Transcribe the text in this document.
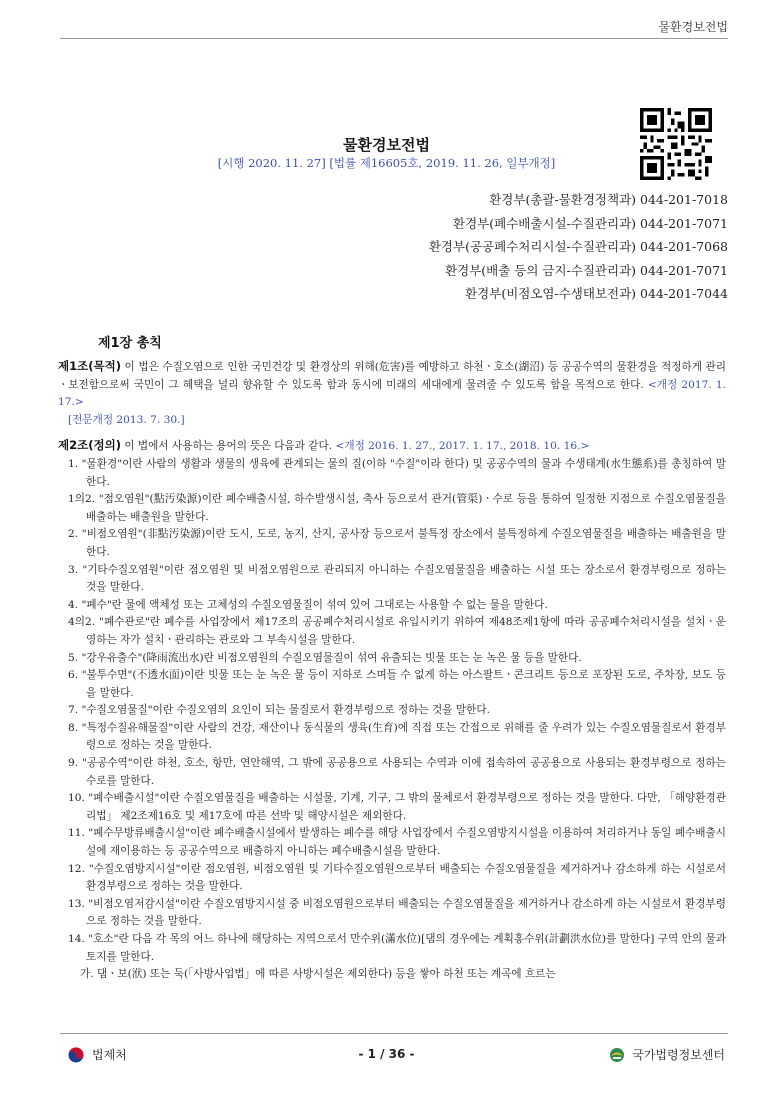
물환경보전법
물환경보전법
[시행 2020. 11. 27] [법률 제16605호, 2019. 11. 26, 일부개정]
환경부(총괄-물환경정책과) 044-201-7018
환경부(폐수배출시설-수질관리과) 044-201-7071
환경부(공공폐수처리시설-수질관리과) 044-201-7068
환경부(배출 등의 금지-수질관리과) 044-201-7071
환경부(비점오염-수생태보전과) 044-201-7044
제1장 총칙

제1조(목적) 이 법은 수질오염으로 인한 국민건강 및 환경상의 위해(危害)를 예방하고 하천ㆍ호소(湖沼) 등 공공수역의 물환경을 적정하게 관리ㆍ보전함으로써 국민이 그 혜택을 널리 향유할 수 있도록 함과 동시에 미래의 세대에게 물려줄 수 있도록 함을 목적으로 한다. <개정 2017. 1. 17.>

[전문개정 2013. 7. 30.]

제2조(정의) 이 법에서 사용하는 용어의 뜻은 다음과 같다. <개정 2016. 1. 27., 2017. 1. 17., 2018. 10. 16.>

1. "물환경"이란 사람의 생활과 생물의 생육에 관계되는 물의 질(이하 "수질"이라 한다) 및 공공수역의 물과 수생태계(水生態系)를 총칭하여 말한다.

1의2. "점오염원"(點汚染源)이란 폐수배출시설, 하수발생시설, 축사 등으로서 관거(管渠)ㆍ수로 등을 통하여 일정한 지점으로 수질오염물질을 배출하는 배출원을 말한다.

2. "비점오염원"(非點汚染源)이란 도시, 도로, 농지, 산지, 공사장 등으로서 불특정 장소에서 불특정하게 수질오염물질을 배출하는 배출원을 말한다.

3. "기타수질오염원"이란 점오염원 및 비점오염원으로 관리되지 아니하는 수질오염물질을 배출하는 시설 또는 장소로서 환경부령으로 정하는 것을 말한다.

4. "폐수"란 물에 액체성 또는 고체성의 수질오염물질이 섞여 있어 그대로는 사용할 수 없는 물을 말한다.

4의2. "폐수관로"란 폐수를 사업장에서 제17조의 공공폐수처리시설로 유입시키기 위하여 제48조제1항에 따라 공공폐수처리시설을 설치ㆍ운영하는 자가 설치ㆍ관리하는 관로와 그 부속시설을 말한다.

5. "강우유출수"(降雨流出水)란 비점오염원의 수질오염물질이 섞여 유출되는 빗물 또는 눈 녹은 물 등을 말한다.

6. "불투수면"(不透水面)이란 빗물 또는 눈 녹은 물 등이 지하로 스며들 수 없게 하는 아스팔트ㆍ콘크리트 등으로 포장된 도로, 주차장, 보도 등을 말한다.

7. "수질오염물질"이란 수질오염의 요인이 되는 물질로서 환경부령으로 정하는 것을 말한다.

8. "특정수질유해물질"이란 사람의 건강, 재산이나 동식물의 생육(生育)에 직접 또는 간접으로 위해를 줄 우려가 있는 수질오염물질로서 환경부령으로 정하는 것을 말한다.

9. "공공수역"이란 하천, 호소, 항만, 연안해역, 그 밖에 공공용으로 사용되는 수역과 이에 접속하여 공공용으로 사용되는 환경부령으로 정하는 수로를 말한다.

10. "폐수배출시설"이란 수질오염물질을 배출하는 시설물, 기계, 기구, 그 밖의 물체로서 환경부령으로 정하는 것을 말한다. 다만, 「해양환경관리법」 제2조제16호 및 제17호에 따른 선박 및 해양시설은 제외한다.

11. "폐수무방류배출시설"이란 폐수배출시설에서 발생하는 폐수를 해당 사업장에서 수질오염방지시설을 이용하여 처리하거나 동일 폐수배출시설에 재이용하는 등 공공수역으로 배출하지 아니하는 폐수배출시설을 말한다.

12. "수질오염방지시설"이란 점오염원, 비점오염원 및 기타수질오염원으로부터 배출되는 수질오염물질을 제거하거나 감소하게 하는 시설로서 환경부령으로 정하는 것을 말한다.

13. "비점오염저감시설"이란 수질오염방지시설 중 비점오염원으로부터 배출되는 수질오염물질을 제거하거나 감소하게 하는 시설로서 환경부령으로 정하는 것을 말한다.

14. "호소"란 다음 각 목의 어느 하나에 해당하는 지역으로서 만수위(滿水位)[댐의 경우에는 계획홍수위(計劃洪水位)를 말한다] 구역 안의 물과 토지를 말한다.

가. 댐ㆍ보(洑) 또는 둑(「사방사업법」에 따른 사방시설은 제외한다) 등을 쌓아 하천 또는 계곡에 흐르는

법제처	- 1 / 36 -	국가법령정보센터
